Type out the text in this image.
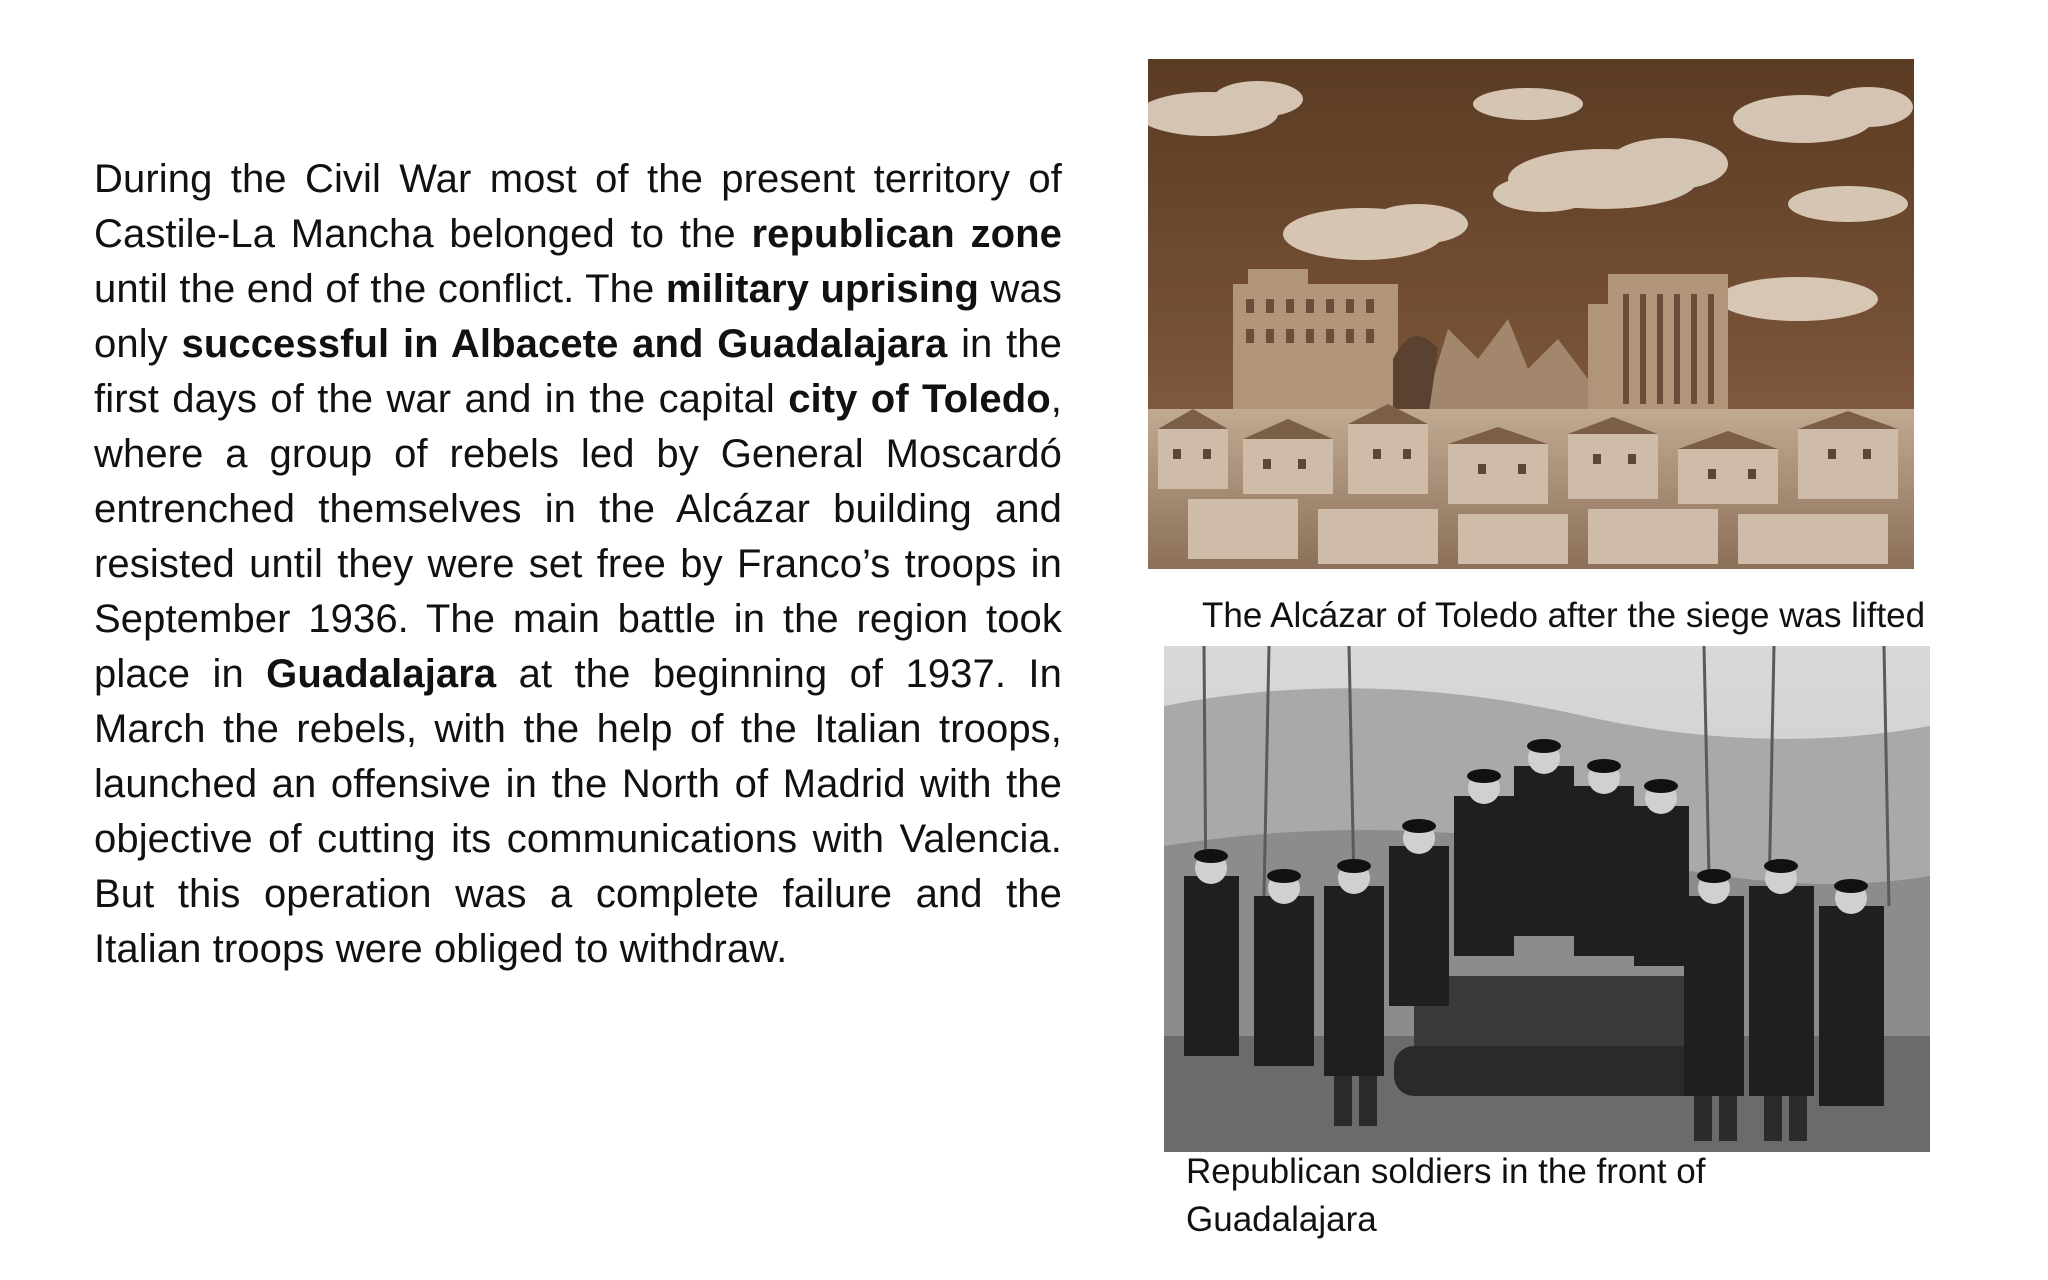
During the Civil War most of the present territory of Castile-La Mancha belonged to the republican zone until the end of the conflict. The military uprising was only successful in Albacete and Guadalajara in the first days of the war and in the capital city of Toledo, where a group of rebels led by General Moscardó entrenched themselves in the Alcázar building and resisted until they were set free by Franco’s troops in September 1936. The main battle in the region took place in Guadalajara at the beginning of 1937. In March the rebels, with the help of the Italian troops, launched an offensive in the North of Madrid with the objective of cutting its communications with Valencia. But this operation was a complete failure and the Italian troops were obliged to withdraw.
The Alcázar of Toledo after the siege was lifted
Republican soldiers in the front of Guadalajara
